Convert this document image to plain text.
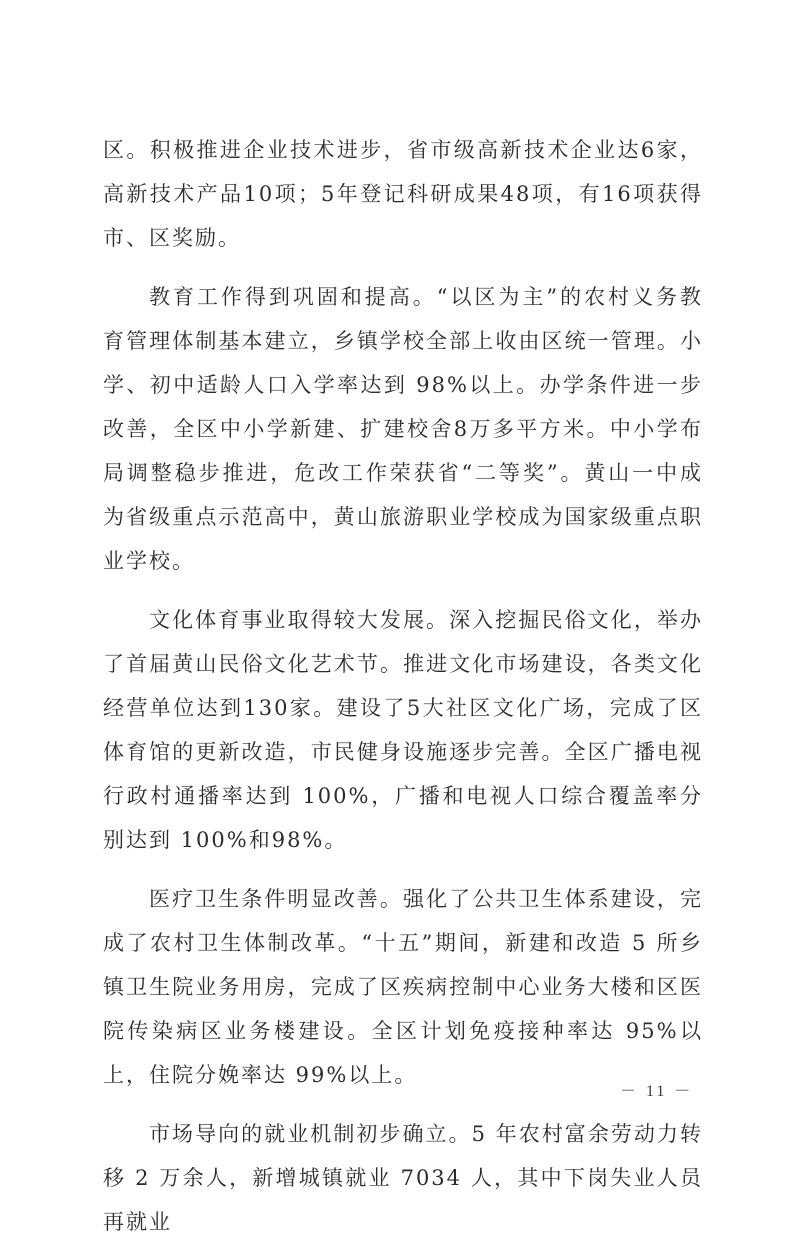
区。积极推进企业技术进步，省市级高新技术企业达6家，高新技术产品10项；5年登记科研成果48项，有16项获得市、区奖励。

教育工作得到巩固和提高。“以区为主”的农村义务教育管理体制基本建立，乡镇学校全部上收由区统一管理。小学、初中适龄人口入学率达到 98%以上。办学条件进一步改善，全区中小学新建、扩建校舍8万多平方米。中小学布局调整稳步推进，危改工作荣获省“二等奖”。黄山一中成为省级重点示范高中，黄山旅游职业学校成为国家级重点职业学校。

文化体育事业取得较大发展。深入挖掘民俗文化，举办了首届黄山民俗文化艺术节。推进文化市场建设，各类文化经营单位达到130家。建设了5大社区文化广场，完成了区体育馆的更新改造，市民健身设施逐步完善。全区广播电视行政村通播率达到 100%，广播和电视人口综合覆盖率分别达到 100%和98%。

医疗卫生条件明显改善。强化了公共卫生体系建设，完成了农村卫生体制改革。“十五”期间，新建和改造 5 所乡镇卫生院业务用房，完成了区疾病控制中心业务大楼和区医院传染病区业务楼建设。全区计划免疫接种率达 95%以上，住院分娩率达 99%以上。

市场导向的就业机制初步确立。5 年农村富余劳动力转移 2 万余人，新增城镇就业 7034 人，其中下岗失业人员再就业

－ 11 －
